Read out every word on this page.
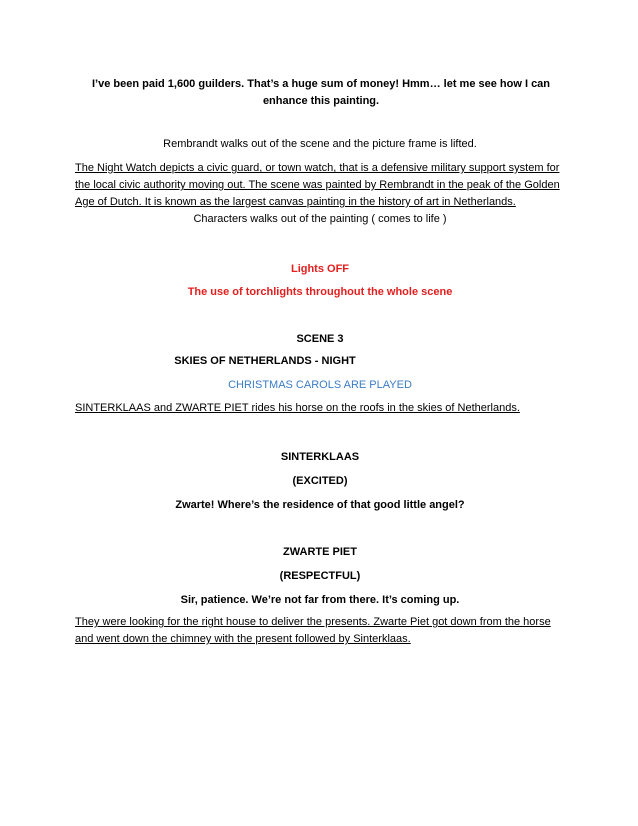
I’ve been paid 1,600 guilders. That’s a huge sum of money! Hmm… let me see how I can enhance this painting.
Rembrandt walks out of the scene and the picture frame is lifted.
The Night Watch depicts a civic guard, or town watch, that is a defensive military support system for the local civic authority moving out. The scene was painted by Rembrandt in the peak of the Golden Age of Dutch. It is known as the largest canvas painting in the history of art in Netherlands.
Characters walks out of the painting ( comes to life )
Lights OFF
The use of torchlights throughout the whole scene
SCENE 3
SKIES OF NETHERLANDS - NIGHT
CHRISTMAS CAROLS ARE PLAYED
SINTERKLAAS and ZWARTE PIET rides his horse on the roofs in the skies of Netherlands.
SINTERKLAAS
(EXCITED)
Zwarte! Where’s the residence of that good little angel?
ZWARTE PIET
(RESPECTFUL)
Sir, patience. We’re not far from there. It’s coming up.
They were looking for the right house to deliver the presents. Zwarte Piet got down from the horse and went down the chimney with the present followed by Sinterklaas.
